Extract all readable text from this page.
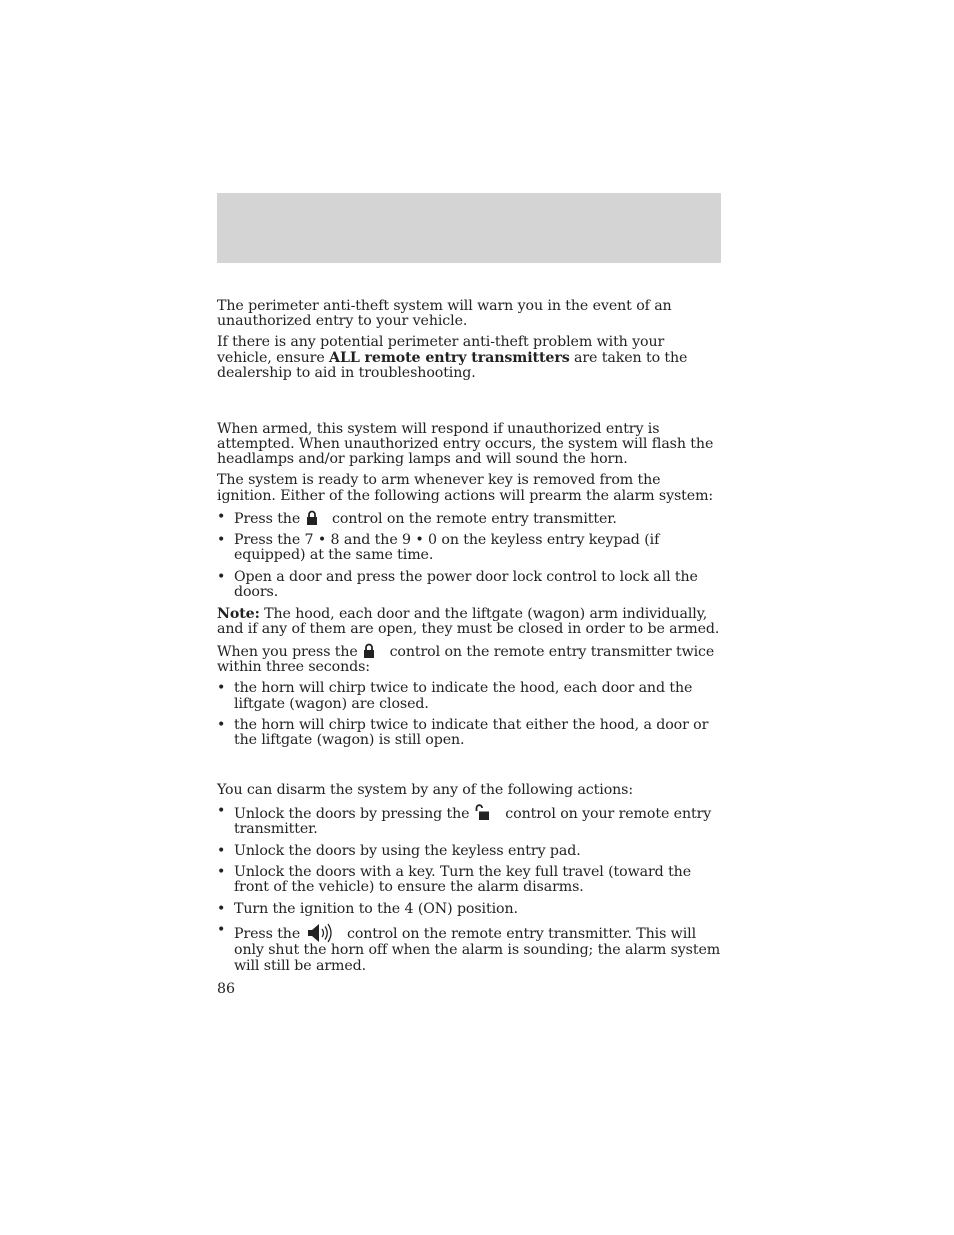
The perimeter anti-theft system will warn you in the event of an unauthorized entry to your vehicle.

If there is any potential perimeter anti-theft problem with your vehicle, ensure ALL remote entry transmitters are taken to the dealership to aid in troubleshooting.

When armed, this system will respond if unauthorized entry is attempted. When unauthorized entry occurs, the system will flash the headlamps and/or parking lamps and will sound the horn.

The system is ready to arm whenever key is removed from the ignition. Either of the following actions will prearm the alarm system:

• Press the control on the remote entry transmitter.
• Press the 7 • 8 and the 9 • 0 on the keyless entry keypad (if equipped) at the same time.
• Open a door and press the power door lock control to lock all the doors.

Note: The hood, each door and the liftgate (wagon) arm individually, and if any of them are open, they must be closed in order to be armed.

When you press the control on the remote entry transmitter twice within three seconds:

• the horn will chirp twice to indicate the hood, each door and the liftgate (wagon) are closed.
• the horn will chirp twice to indicate that either the hood, a door or the liftgate (wagon) is still open.

You can disarm the system by any of the following actions:

• Unlock the doors by pressing the	control on your remote entry transmitter.
• Unlock the doors by using the keyless entry pad.
• Unlock the doors with a key. Turn the key full travel (toward the front of the vehicle) to ensure the alarm disarms.
• Turn the ignition to the 4 (ON) position.
• Press the	control on the remote entry transmitter. This will only shut the horn off when the alarm is sounding; the alarm system will still be armed.
86
